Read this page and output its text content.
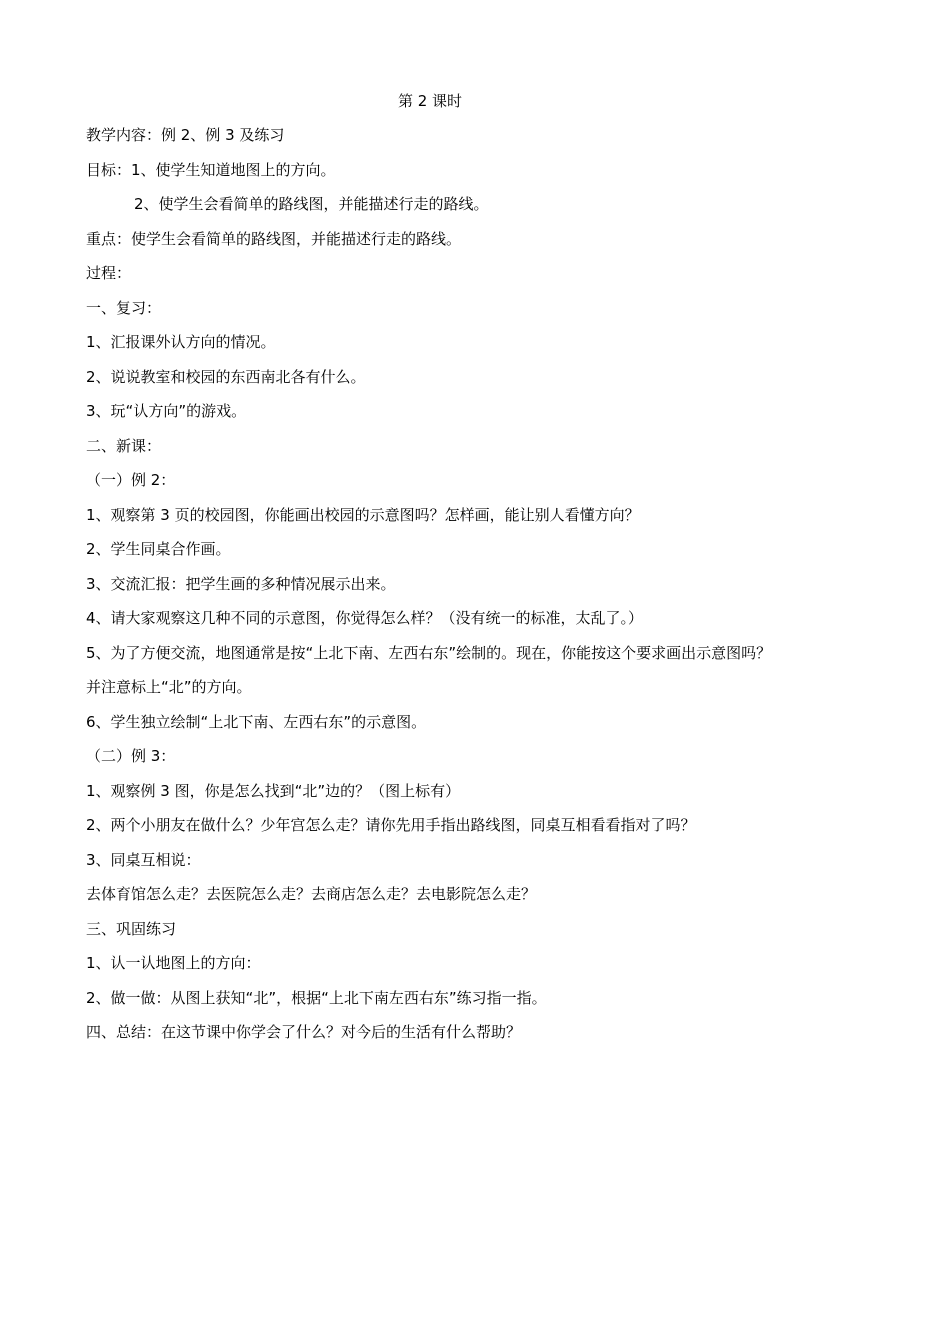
第 2 课时
教学内容：例 2、例 3 及练习
目标：1、使学生知道地图上的方向。
2、使学生会看简单的路线图，并能描述行走的路线。
重点：使学生会看简单的路线图，并能描述行走的路线。
过程：
一、复习：
1、汇报课外认方向的情况。
2、说说教室和校园的东西南北各有什么。
3、玩“认方向”的游戏。
二、新课：
（一）例 2：
1、观察第 3 页的校园图，你能画出校园的示意图吗？怎样画，能让别人看懂方向？
2、学生同桌合作画。
3、交流汇报：把学生画的多种情况展示出来。
4、请大家观察这几种不同的示意图，你觉得怎么样？（没有统一的标准，太乱了。）
5、为了方便交流，地图通常是按“上北下南、左西右东”绘制的。现在，你能按这个要求画出示意图吗？
并注意标上“北”的方向。
6、学生独立绘制“上北下南、左西右东”的示意图。
（二）例 3：
1、观察例 3 图，你是怎么找到“北”边的？（图上标有）
2、两个小朋友在做什么？少年宫怎么走？请你先用手指出路线图，同桌互相看看指对了吗？
3、同桌互相说：
去体育馆怎么走？去医院怎么走？去商店怎么走？去电影院怎么走？
三、巩固练习
1、认一认地图上的方向：
2、做一做：从图上获知“北”，根据“上北下南左西右东”练习指一指。
四、总结：在这节课中你学会了什么？对今后的生活有什么帮助？
